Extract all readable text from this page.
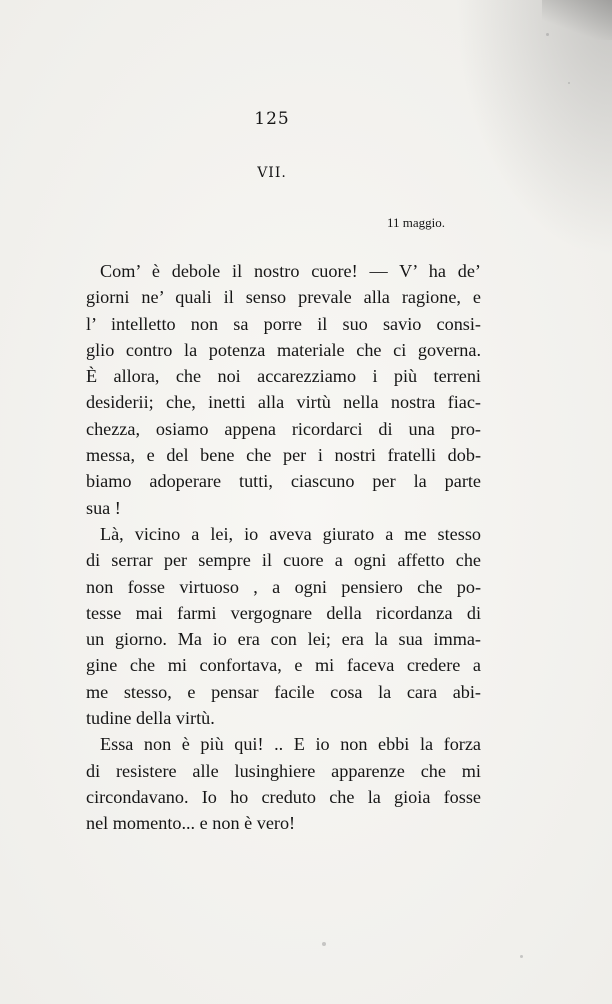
125
VII.
11 maggio.
Com’ è debole il nostro cuore! — V’ ha de’
giorni ne’ quali il senso prevale alla ragione, e
l’ intelletto non sa porre il suo savio consi-
glio contro la potenza materiale che ci governa.
È allora, che noi accarezziamo i più terreni
desiderii; che, inetti alla virtù nella nostra fiac-
chezza, osiamo appena ricordarci di una pro-
messa, e del bene che per i nostri fratelli dob-
biamo adoperare tutti, ciascuno per la parte
sua !
Là, vicino a lei, io aveva giurato a me stesso
di serrar per sempre il cuore a ogni affetto che
non fosse virtuoso , a ogni pensiero che po-
tesse mai farmi vergognare della ricordanza di
un giorno. Ma io era con lei; era la sua imma-
gine che mi confortava, e mi faceva credere a
me stesso, e pensar facile cosa la cara abi-
tudine della virtù.
Essa non è più qui! .. E io non ebbi la forza
di resistere alle lusinghiere apparenze che mi
circondavano. Io ho creduto che la gioia fosse
nel momento... e non è vero!
